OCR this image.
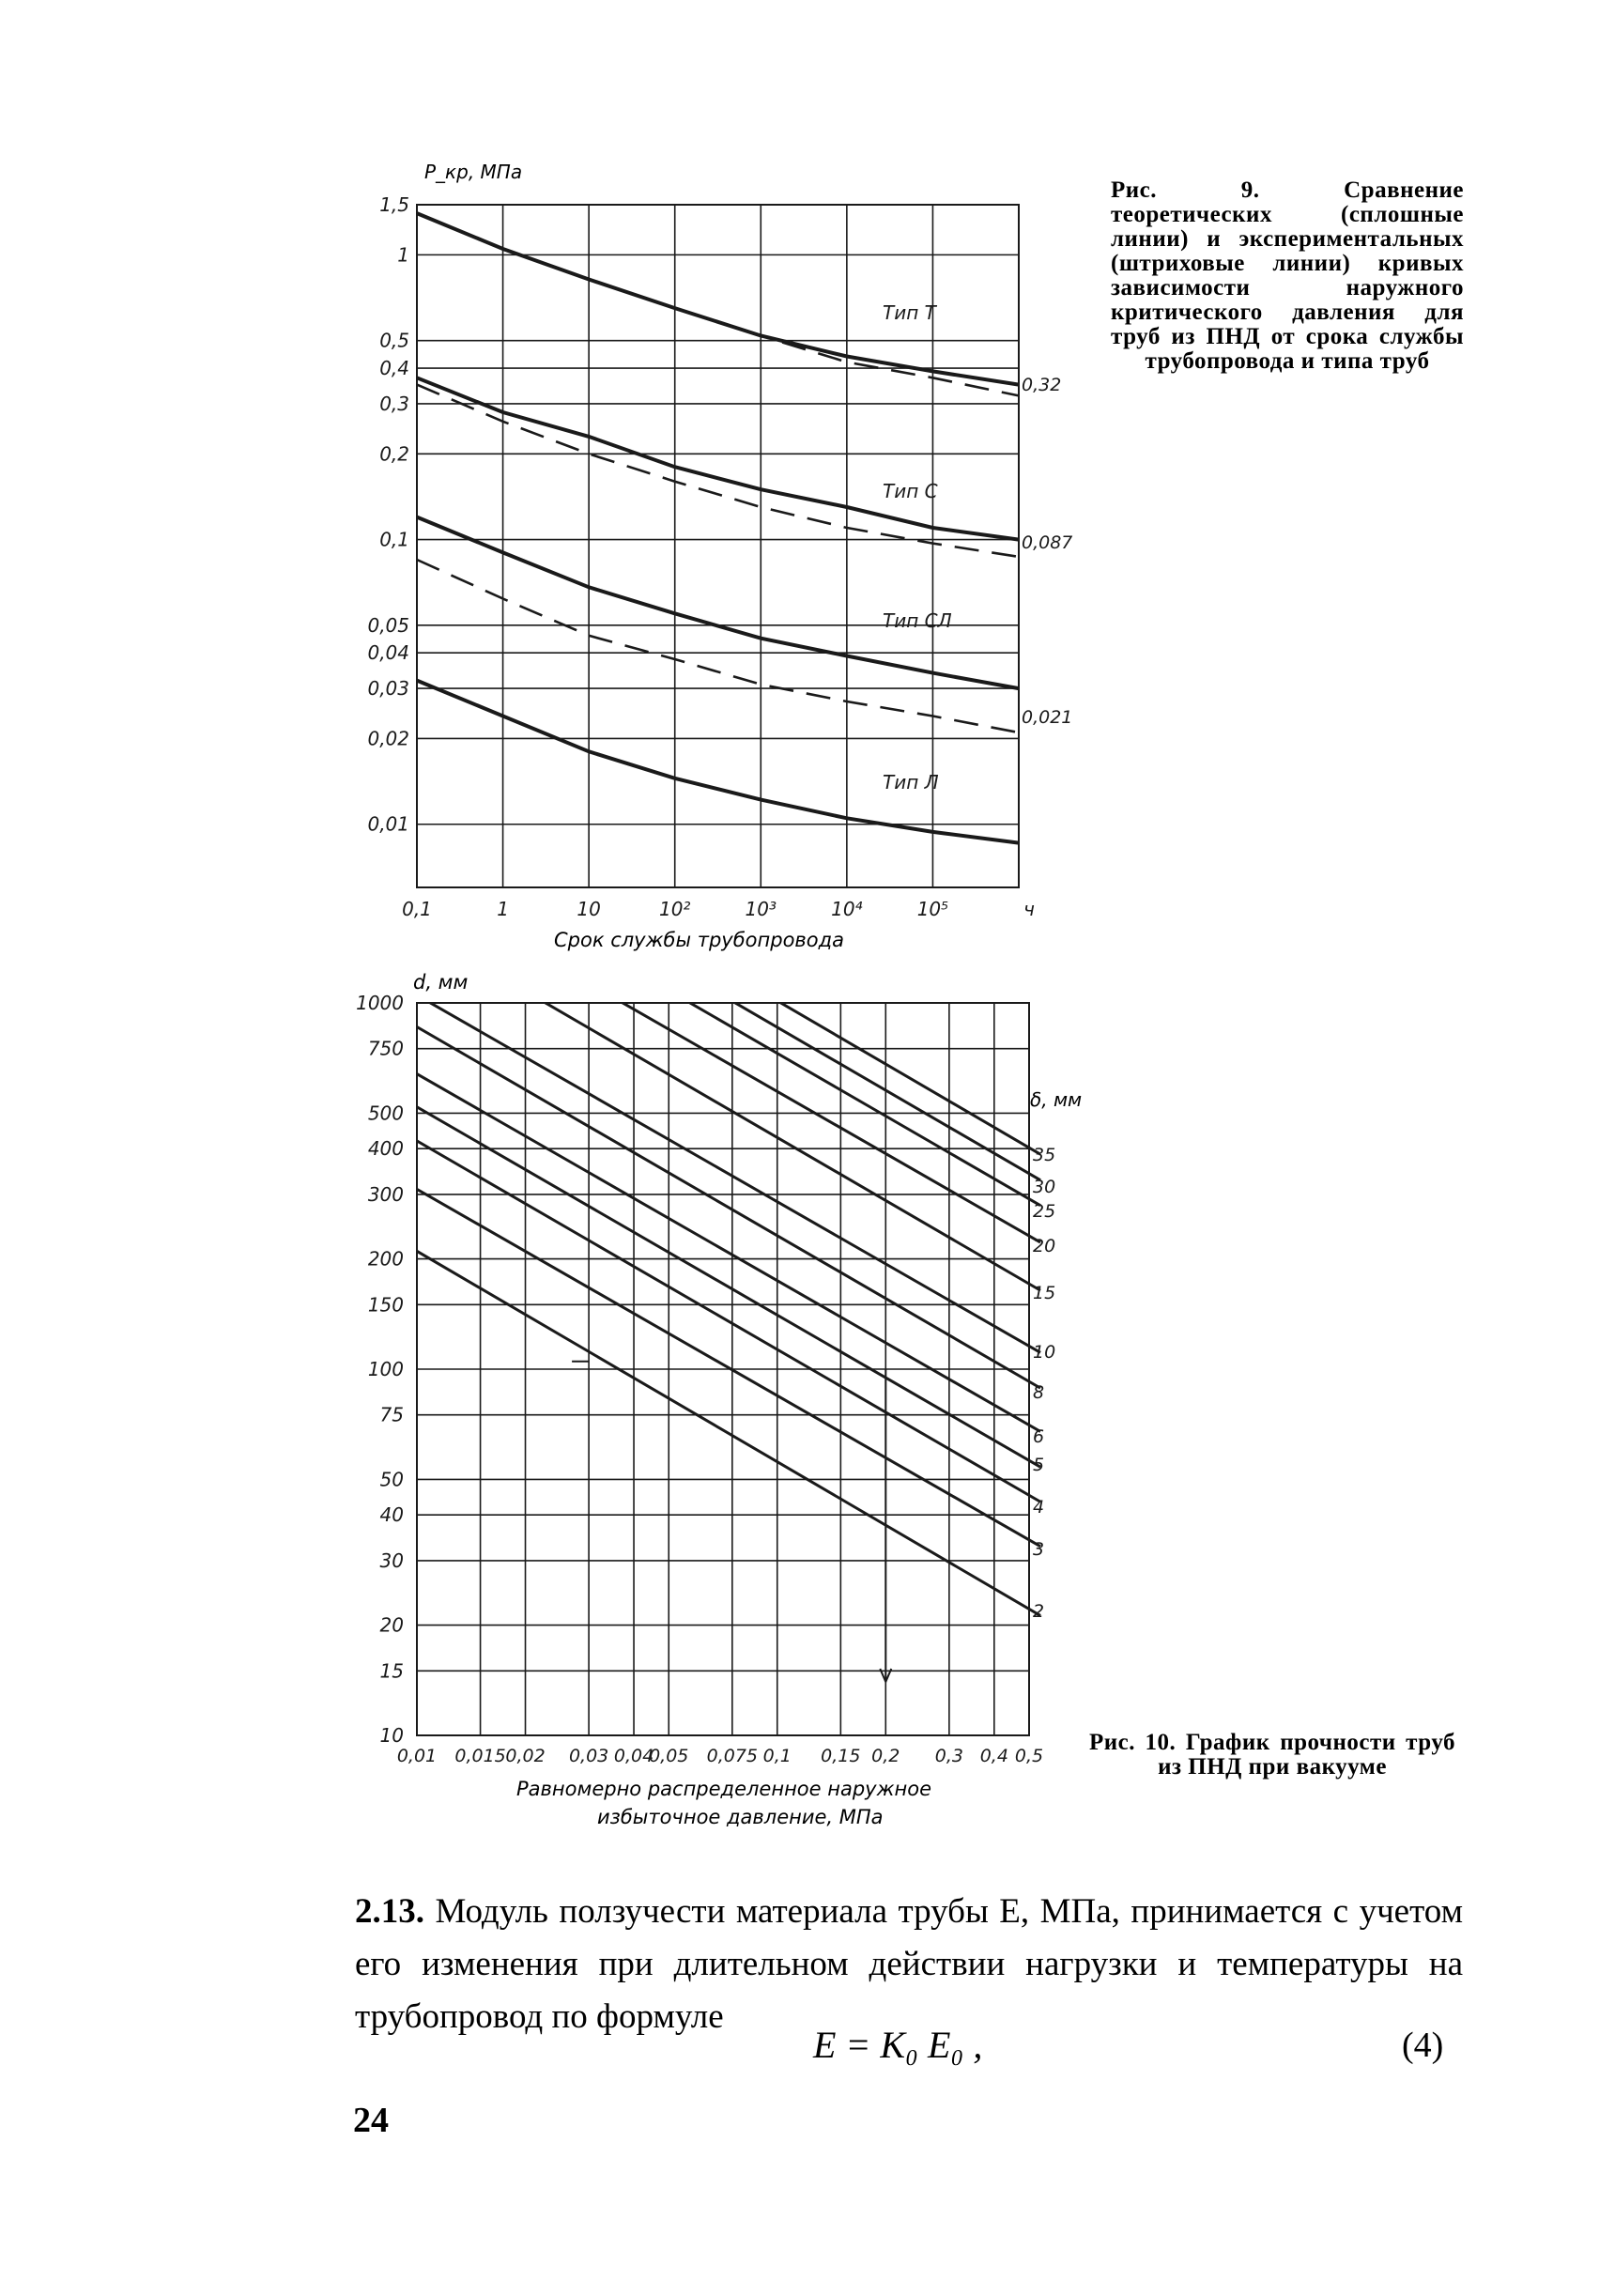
0,1	1	10	10²	10³	10⁴	10⁵	ч
1,5
1
0,5
0,4
0,3
0,2
0,1
0,05
0,04
0,03
0,02
0,01
Тип Т
Тип С
Тип СЛ
Тип Л
0,32
0,087
0,021
P_кр, МПа
Срок службы трубопровода
0,01 0,015 0,02 0,03 0,04
0,05 0,075 0,1 0,15 0,2 0,3 0,4 0,5
1000
750
500
400
300
200
150
100
75
50
40
30
20
15
10
35
30
25
20
15
10
8
6
5
4
3
2
d, мм
δ, мм
Равномерно распределенное наружное
избыточное давление, МПа
Рис. 9. Сравнение теоретических (сплошные линии) и экспериментальных (штриховые линии) кривых зависимости наружного критического давления для труб из ПНД от срока службы трубопровода и типа труб
Рис. 10. График прочности труб из ПНД при вакууме
2.13. Модуль ползучести материала трубы E, МПа, принимается с учетом его изменения при длительном действии нагрузки и температуры на трубопровод по формуле
E = K₀ E₀ ,	(4)
24
